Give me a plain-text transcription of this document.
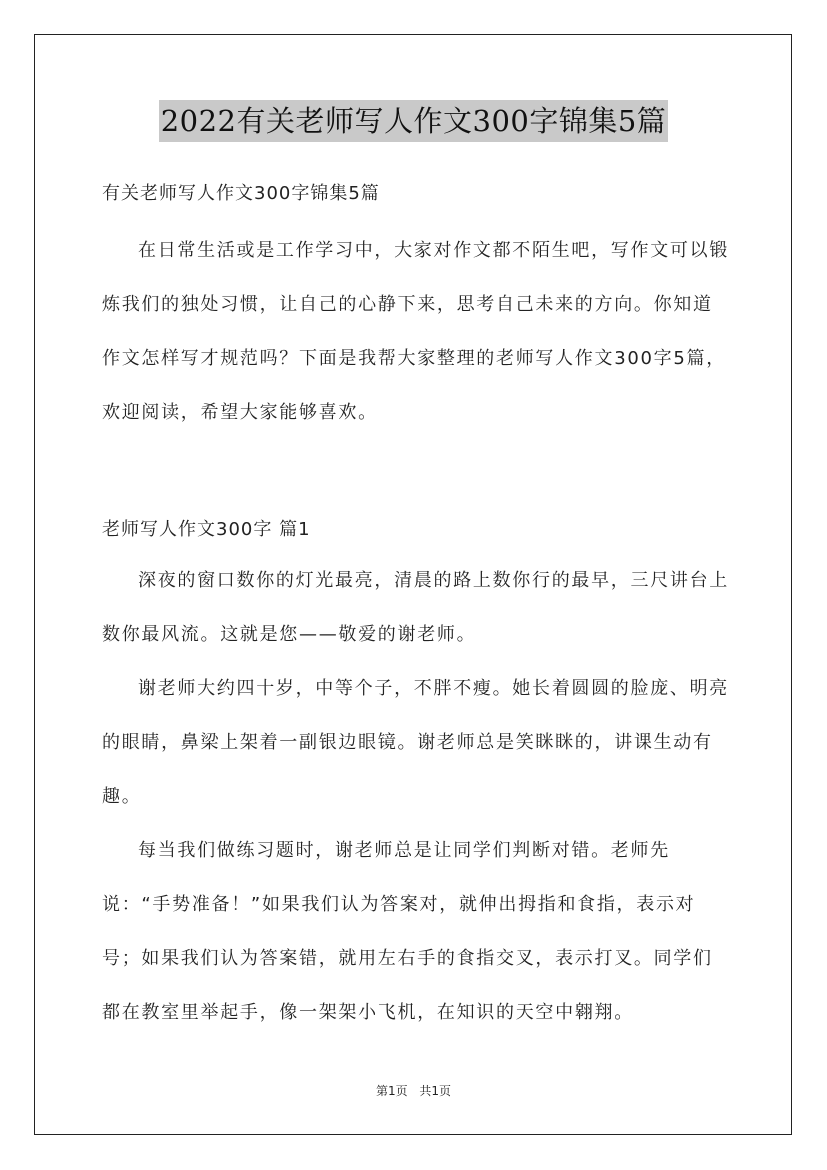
2022有关老师写人作文300字锦集5篇

有关老师写人作文300字锦集5篇

在日常生活或是工作学习中，大家对作文都不陌生吧，写作文可以锻炼我们的独处习惯，让自己的心静下来，思考自己未来的方向。你知道作文怎样写才规范吗？下面是我帮大家整理的老师写人作文300字5篇，欢迎阅读，希望大家能够喜欢。

老师写人作文300字 篇1

深夜的窗口数你的灯光最亮，清晨的路上数你行的最早，三尺讲台上数你最风流。这就是您——敬爱的谢老师。

谢老师大约四十岁，中等个子，不胖不瘦。她长着圆圆的脸庞、明亮的眼睛，鼻梁上架着一副银边眼镜。谢老师总是笑眯眯的，讲课生动有趣。

每当我们做练习题时，谢老师总是让同学们判断对错。老师先说：“手势准备！”如果我们认为答案对，就伸出拇指和食指，表示对号；如果我们认为答案错，就用左右手的食指交叉，表示打叉。同学们都在教室里举起手，像一架架小飞机，在知识的天空中翱翔。

第1页 共1页
